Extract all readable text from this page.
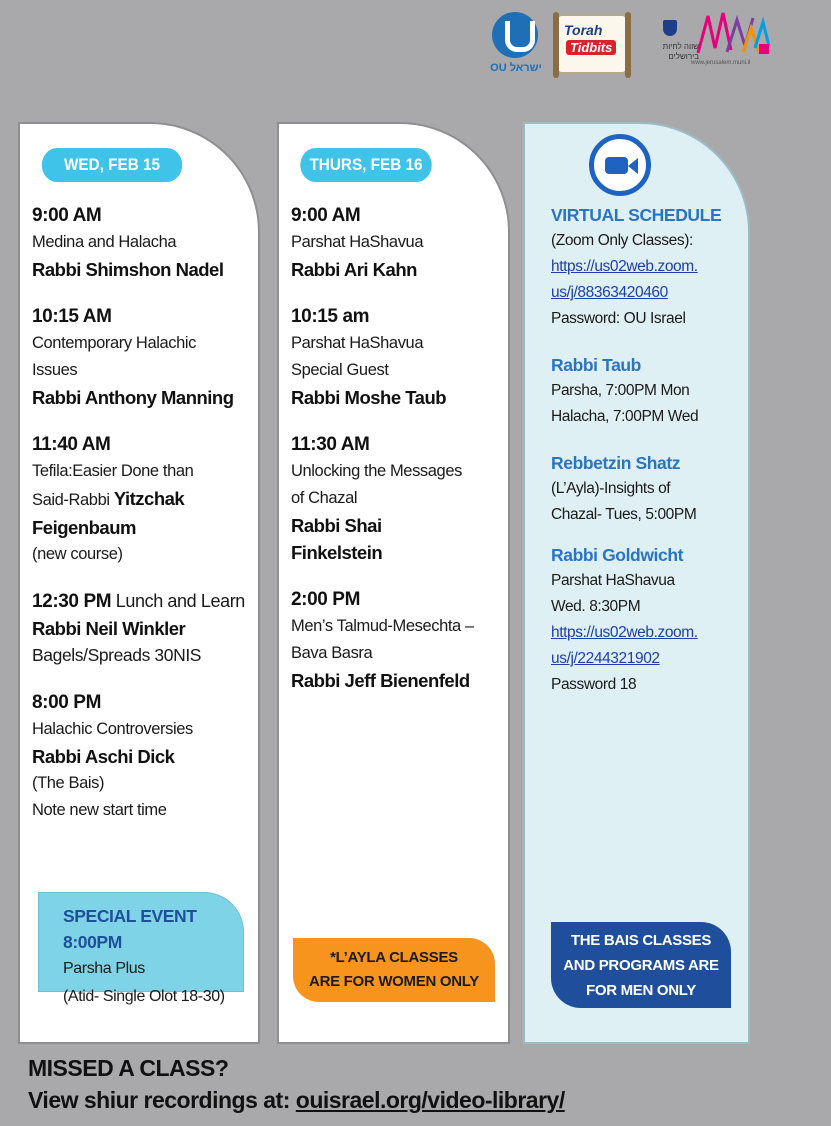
OU ישראל
Torah
Tidbits	שווה לחיות
בירושלים
www.jerusalem.muni.il
WED, FEB 15
9:00 AM
Medina and Halacha
Rabbi Shimshon Nadel
10:15 AM
Contemporary Halachic
Issues
Rabbi Anthony Manning
11:40 AM
Tefila:Easier Done than
Said-Rabbi Yitzchak
Feigenbaum
(new course)
12:30 PM Lunch and Learn
Rabbi Neil Winkler
Bagels/Spreads 30NIS
8:00 PM
Halachic Controversies
Rabbi Aschi Dick
(The Bais)
Note new start time
SPECIAL EVENT
8:00PM
Parsha Plus
(Atid- Single Olot 18-30)
THURS, FEB 16
9:00 AM
Parshat HaShavua
Rabbi Ari Kahn
10:15 am
Parshat HaShavua
Special Guest
Rabbi Moshe Taub
11:30 AM
Unlocking the Messages
of Chazal
Rabbi Shai
Finkelstein
2:00 PM
Men’s Talmud-Mesechta –
Bava Basra
Rabbi Jeff Bienenfeld
*L’AYLA CLASSES
ARE FOR WOMEN ONLY
VIRTUAL SCHEDULE
(Zoom Only Classes):
https://us02web.zoom.
us/j/88363420460
Password: OU Israel
Rabbi Taub
Parsha, 7:00PM Mon
Halacha, 7:00PM Wed
Rebbetzin Shatz
(L’Ayla)-Insights of
Chazal- Tues, 5:00PM
Rabbi Goldwicht
Parshat HaShavua
Wed. 8:30PM
https://us02web.zoom.
us/j/2244321902
Password 18
THE BAIS CLASSES
AND PROGRAMS ARE
FOR MEN ONLY
MISSED A CLASS?
View shiur recordings at: ouisrael.org/video-library/
